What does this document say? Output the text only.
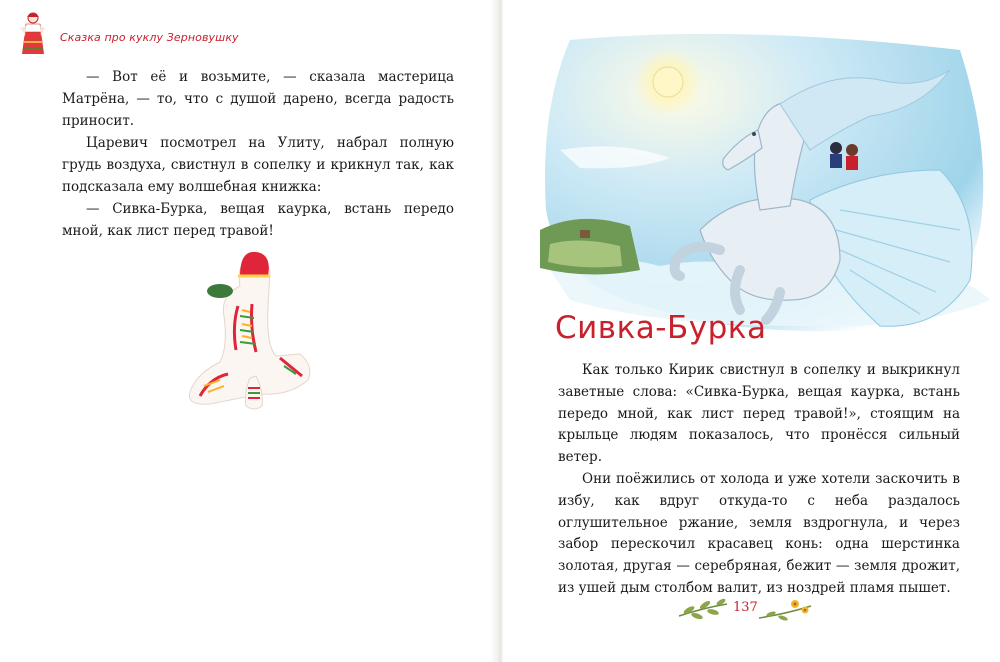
Сказка про куклу Зерновушку

— Вот её и возьмите, — сказала мастерица Матрёна, — то, что с душой дарено, всегда радость приносит.

Царевич посмотрел на Улиту, набрал полную грудь воздуха, свистнул в сопелку и крикнул так, как подсказала ему волшебная книжка:

— Сивка-Бурка, вещая каурка, встань передо мной, как лист перед травой!

Сивка-Бурка

Как только Кирик свистнул в сопелку и выкрикнул заветные слова: «Сивка-Бурка, вещая каурка, встань передо мной, как лист перед травой!», стоящим на крыльце людям показалось, что пронёсся сильный ветер.

Они поёжились от холода и уже хотели заскочить в избу, как вдруг откуда-то с неба раздалось оглушительное ржание, земля вздрогнула, и через забор перескочил красавец конь: одна шерстинка золотая, другая — серебряная, бежит — земля дрожит, из ушей дым столбом валит, из ноздрей пламя пышет.

137
